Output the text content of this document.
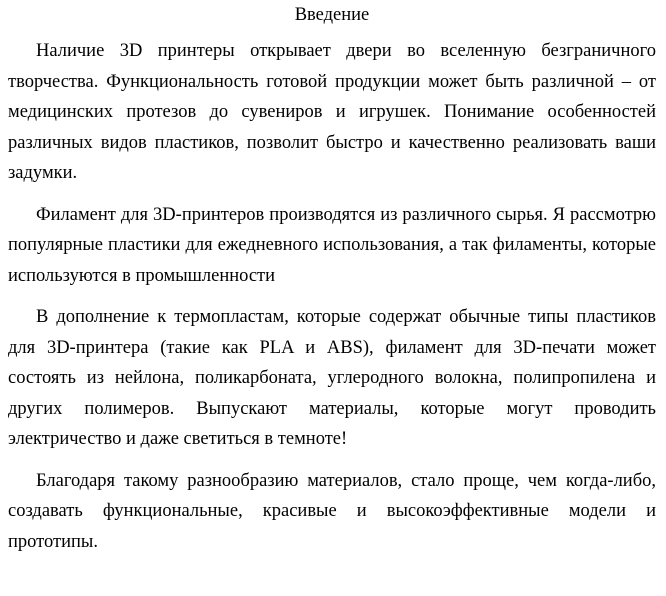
Введение

Наличие 3D принтеры открывает двери во вселенную безграничного творчества. Функциональность готовой продукции может быть различной – от медицинских протезов до сувениров и игрушек. Понимание особенностей различных видов пластиков, позволит быстро и качественно реализовать ваши задумки.

Филамент для 3D-принтеров производятся из различного сырья. Я рассмотрю популярные пластики для ежедневного использования, а так филаменты, которые используются в промышленности

В дополнение к термопластам, которые содержат обычные типы пластиков для 3D-принтера (такие как PLA и ABS), филамент для 3D-печати может состоять из нейлона, поликарбоната, углеродного волокна, полипропилена и других полимеров. Выпускают материалы, которые могут проводить электричество и даже светиться в темноте!

Благодаря такому разнообразию материалов, стало проще, чем когда-либо, создавать функциональные, красивые и высокоэффективные модели и прототипы.
